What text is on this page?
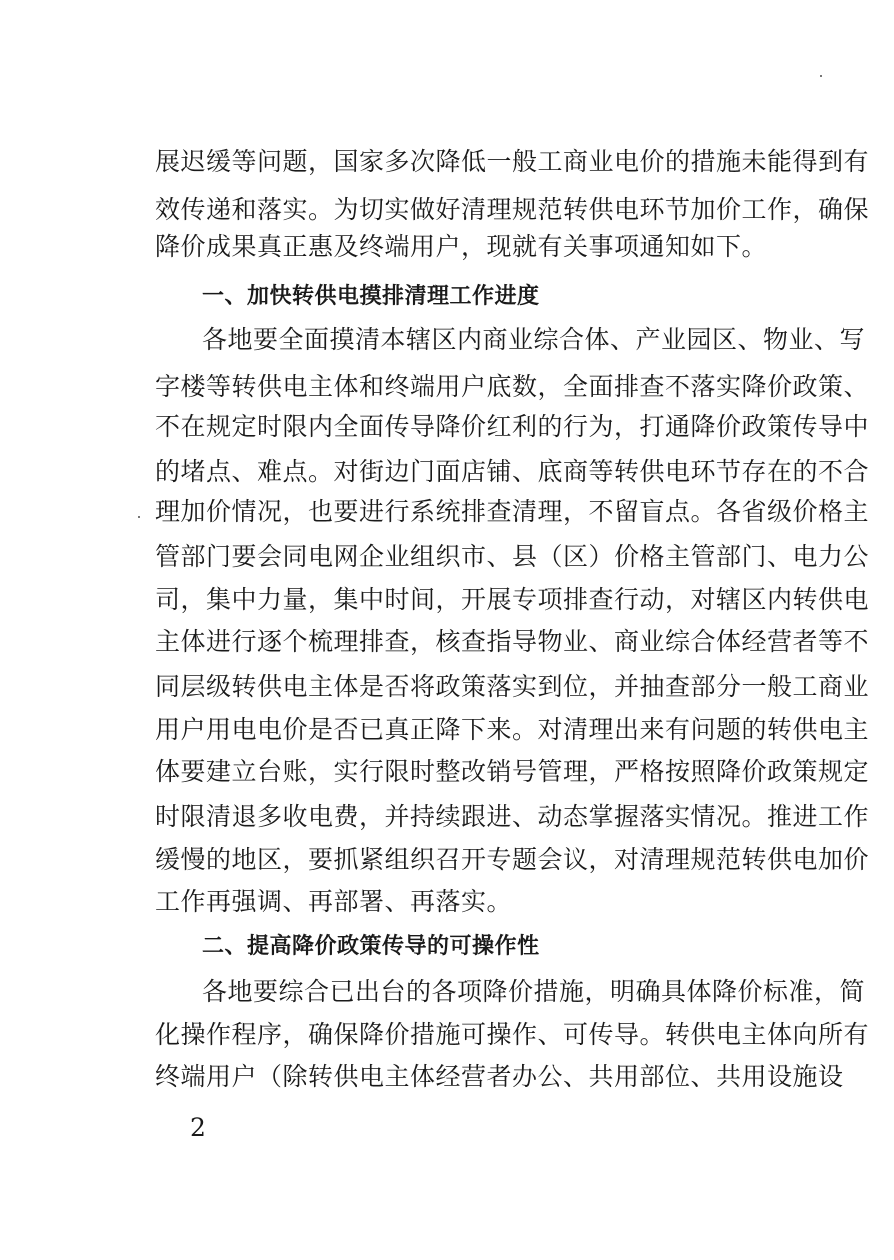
展迟缓等问题，国家多次降低一般工商业电价的措施未能得到有
效传递和落实。为切实做好清理规范转供电环节加价工作，确保
降价成果真正惠及终端用户，现就有关事项通知如下。
一、加快转供电摸排清理工作进度
各地要全面摸清本辖区内商业综合体、产业园区、物业、写
字楼等转供电主体和终端用户底数，全面排查不落实降价政策、
不在规定时限内全面传导降价红利的行为，打通降价政策传导中
的堵点、难点。对街边门面店铺、底商等转供电环节存在的不合
理加价情况，也要进行系统排查清理，不留盲点。各省级价格主
管部门要会同电网企业组织市、县（区）价格主管部门、电力公
司，集中力量，集中时间，开展专项排查行动，对辖区内转供电
主体进行逐个梳理排查，核查指导物业、商业综合体经营者等不
同层级转供电主体是否将政策落实到位，并抽查部分一般工商业
用户用电电价是否已真正降下来。对清理出来有问题的转供电主
体要建立台账，实行限时整改销号管理，严格按照降价政策规定
时限清退多收电费，并持续跟进、动态掌握落实情况。推进工作
缓慢的地区，要抓紧组织召开专题会议，对清理规范转供电加价
工作再强调、再部署、再落实。
二、提高降价政策传导的可操作性
各地要综合已出台的各项降价措施，明确具体降价标准，简
化操作程序，确保降价措施可操作、可传导。转供电主体向所有
终端用户（除转供电主体经营者办公、共用部位、共用设施设
2
